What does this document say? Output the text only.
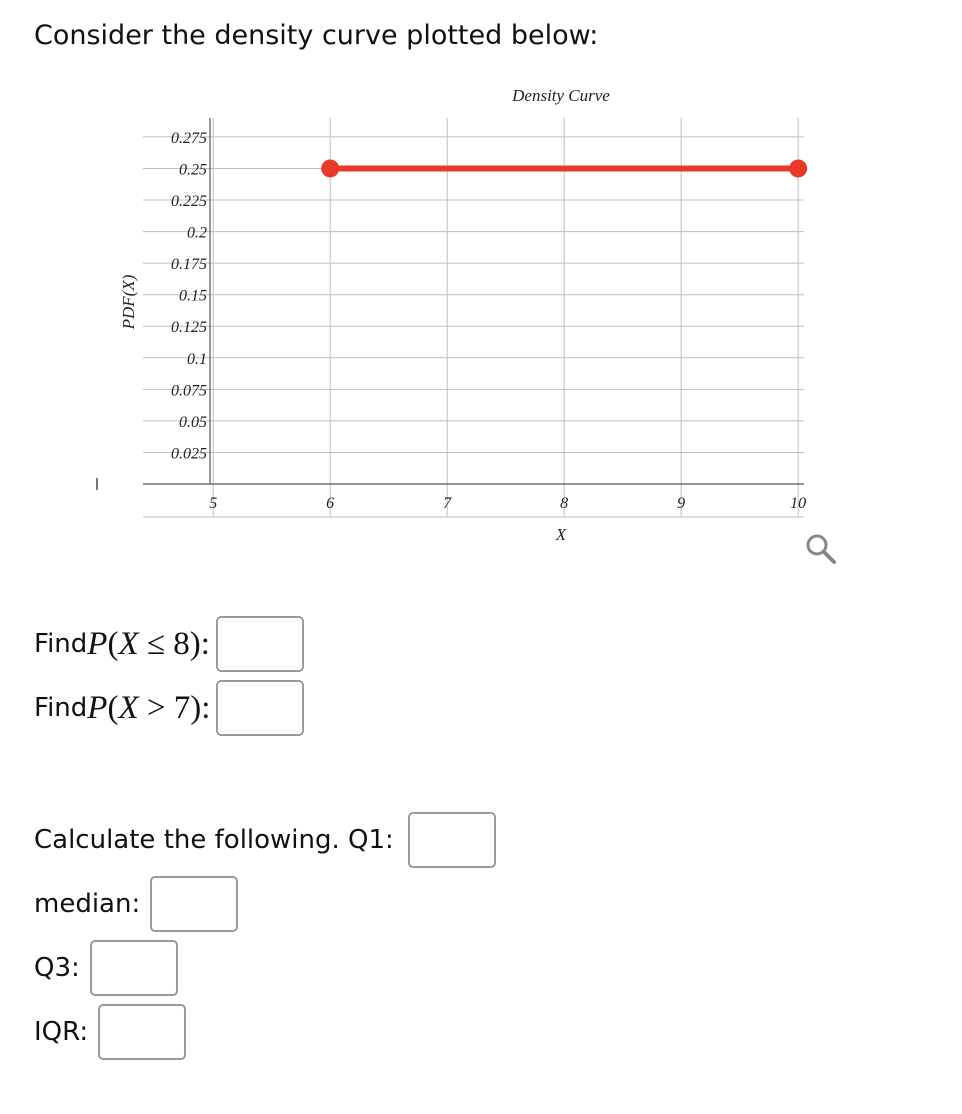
Consider the density curve plotted below:
0.025
0.05
0.075
0.1
0.125
0.15
0.175
0.2
0.225
0.25
0.275
5	6	7	8	9	10
Density Curve
X
PDF(X)
Find P(X ≤ 8):
Find P(X > 7):
Calculate the following. Q1:
median:
Q3:
IQR:
